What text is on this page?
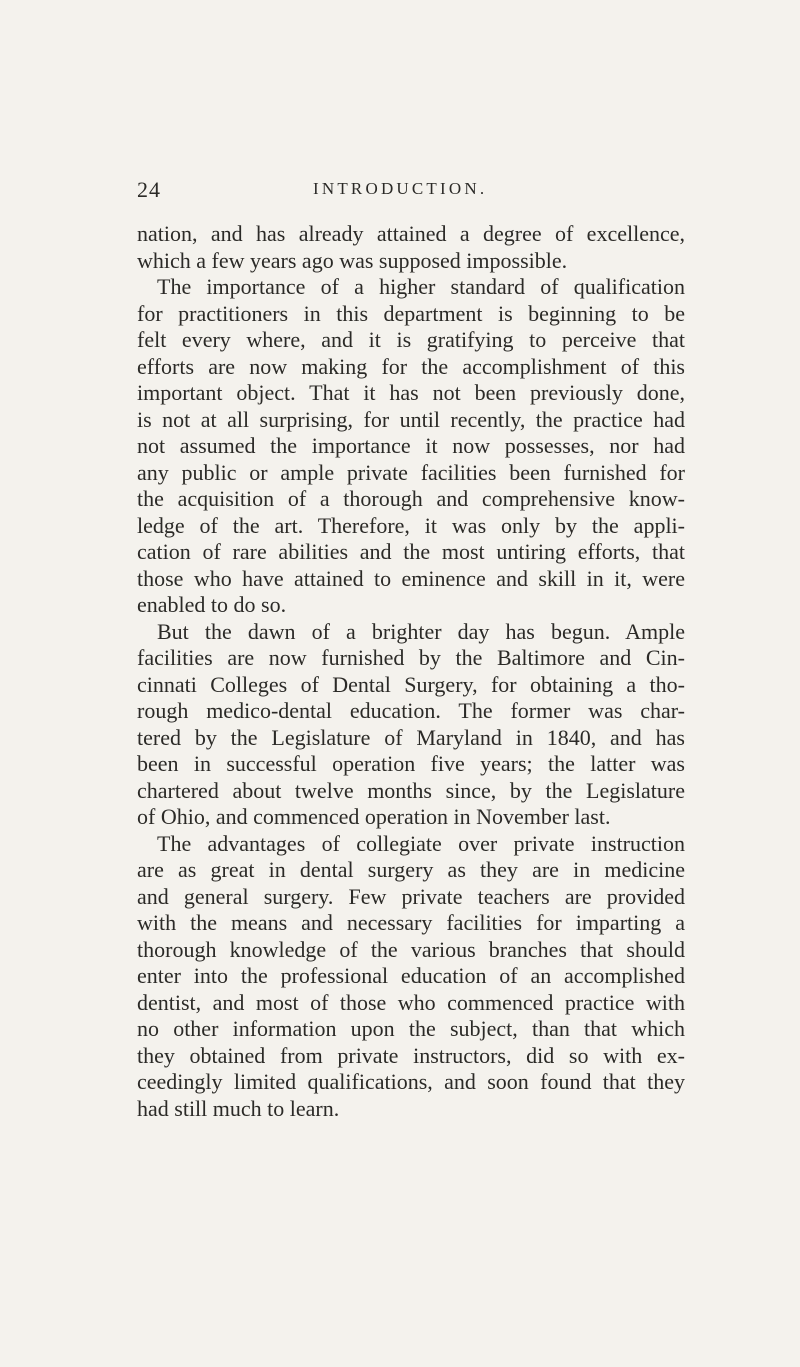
24	INTRODUCTION.
nation, and has already attained a degree of excellence,
which a few years ago was supposed impossible.
The importance of a higher standard of qualification
for practitioners in this department is beginning to be
felt every where, and it is gratifying to perceive that
efforts are now making for the accomplishment of this
important object. That it has not been previously done,
is not at all surprising, for until recently, the practice had
not assumed the importance it now possesses, nor had
any public or ample private facilities been furnished for
the acquisition of a thorough and comprehensive know-
ledge of the art. Therefore, it was only by the appli-
cation of rare abilities and the most untiring efforts, that
those who have attained to eminence and skill in it, were
enabled to do so.
But the dawn of a brighter day has begun. Ample
facilities are now furnished by the Baltimore and Cin-
cinnati Colleges of Dental Surgery, for obtaining a tho-
rough medico-dental education. The former was char-
tered by the Legislature of Maryland in 1840, and has
been in successful operation five years; the latter was
chartered about twelve months since, by the Legislature
of Ohio, and commenced operation in November last.
The advantages of collegiate over private instruction
are as great in dental surgery as they are in medicine
and general surgery. Few private teachers are provided
with the means and necessary facilities for imparting a
thorough knowledge of the various branches that should
enter into the professional education of an accomplished
dentist, and most of those who commenced practice with
no other information upon the subject, than that which
they obtained from private instructors, did so with ex-
ceedingly limited qualifications, and soon found that they
had still much to learn.
